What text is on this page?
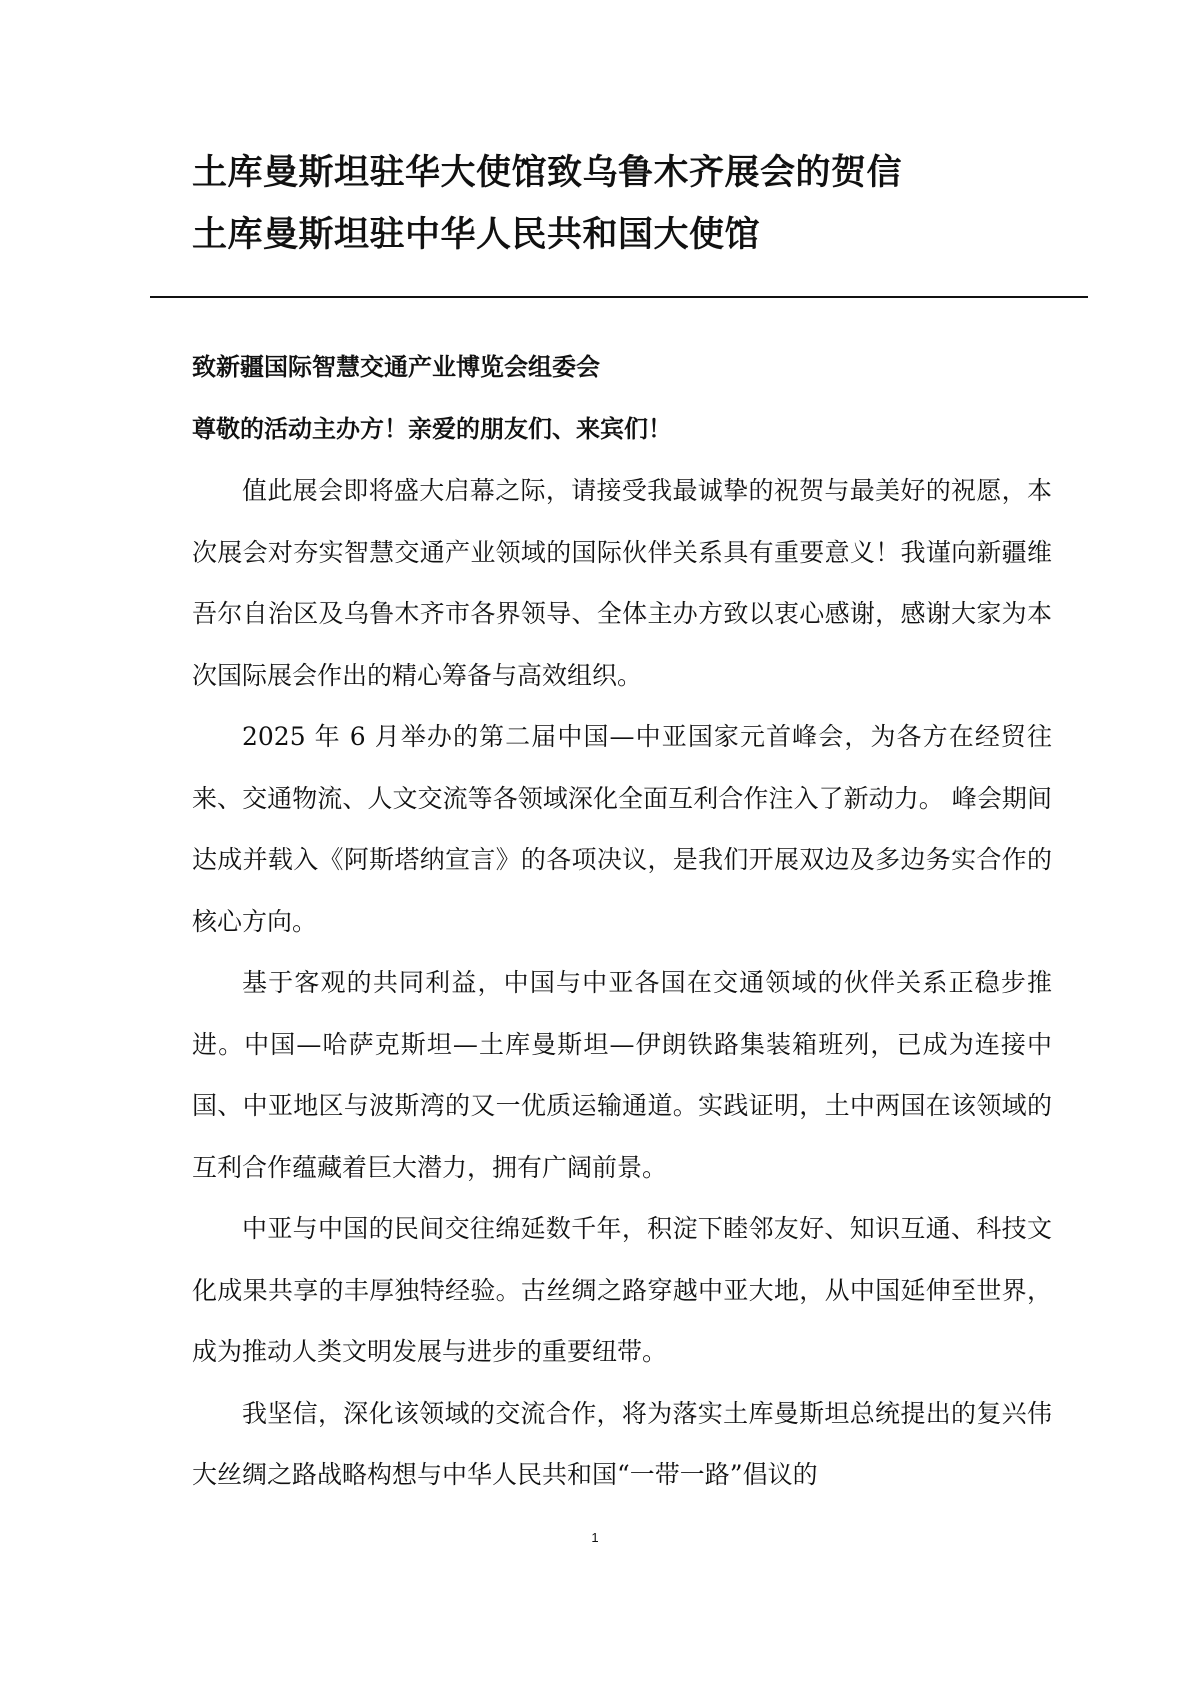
土库曼斯坦驻华大使馆致乌鲁木齐展会的贺信
土库曼斯坦驻中华人民共和国大使馆
致新疆国际智慧交通产业博览会组委会
尊敬的活动主办方！亲爱的朋友们、来宾们！

值此展会即将盛大启幕之际，请接受我最诚挚的祝贺与最美好的祝愿，本次展会对夯实智慧交通产业领域的国际伙伴关系具有重要意义！我谨向新疆维吾尔自治区及乌鲁木齐市各界领导、全体主办方致以衷心感谢，感谢大家为本次国际展会作出的精心筹备与高效组织。

2025 年 6 月举办的第二届中国—中亚国家元首峰会，为各方在经贸往来、交通物流、人文交流等各领域深化全面互利合作注入了新动力。 峰会期间达成并载入《阿斯塔纳宣言》的各项决议，是我们开展双边及多边务实合作的核心方向。

基于客观的共同利益，中国与中亚各国在交通领域的伙伴关系正稳步推进。中国—哈萨克斯坦—土库曼斯坦—伊朗铁路集装箱班列，已成为连接中国、中亚地区与波斯湾的又一优质运输通道。实践证明，土中两国在该领域的互利合作蕴藏着巨大潜力，拥有广阔前景。

中亚与中国的民间交往绵延数千年，积淀下睦邻友好、知识互通、科技文化成果共享的丰厚独特经验。古丝绸之路穿越中亚大地，从中国延伸至世界，成为推动人类文明发展与进步的重要纽带。

我坚信，深化该领域的交流合作，将为落实土库曼斯坦总统提出的复兴伟大丝绸之路战略构想与中华人民共和国“一带一路”倡议的

1
